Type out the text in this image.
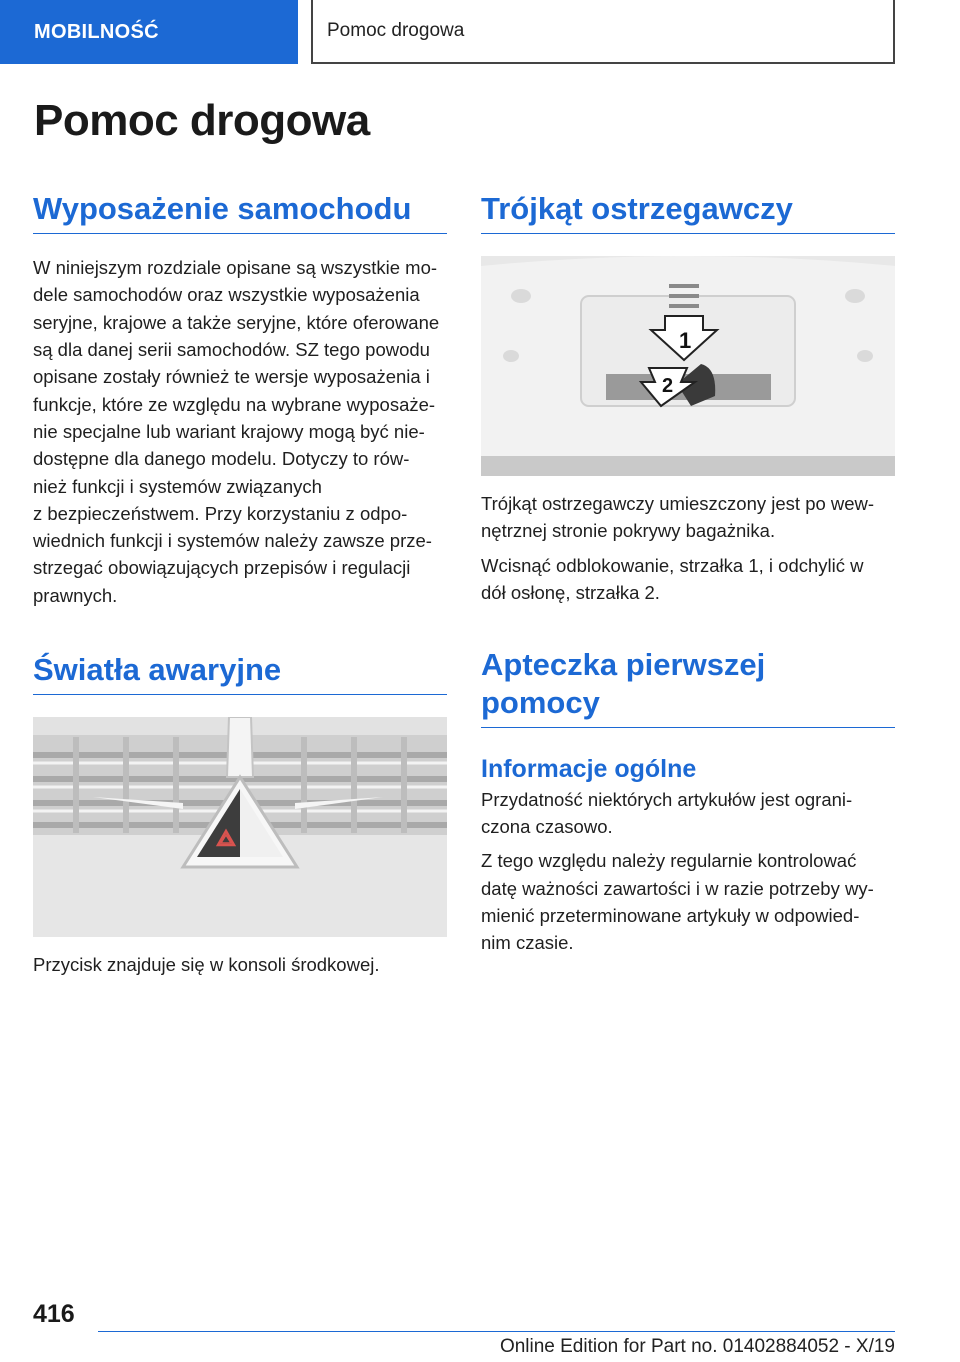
MOBILNOŚĆ	Pomoc drogowa
Pomoc drogowa
Wyposażenie samochodu

W niniejszym rozdziale opisane są wszystkie mo‐

dele samochodów oraz wszystkie wyposażenia

seryjne, krajowe a także seryjne, które oferowane

są dla danej serii samochodów. SZ tego powodu

opisane zostały również te wersje wyposażenia i

funkcje, które ze względu na wybrane wyposaże‐

nie specjalne lub wariant krajowy mogą być nie‐

dostępne dla danego modelu. Dotyczy to rów‐

nież funkcji i systemów związanych

z bezpieczeństwem. Przy korzystaniu z odpo‐

wiednich funkcji i systemów należy zawsze prze‐

strzegać obowiązujących przepisów i regulacji

prawnych.

Światła awaryjne

Przycisk znajduje się w konsoli środkowej.

Trójkąt ostrzegawczy
1
2

Trójkąt ostrzegawczy umieszczony jest po wew‐

nętrznej stronie pokrywy bagażnika.

Wcisnąć odblokowanie, strzałka 1, i odchylić w

dół osłonę, strzałka 2.

Apteczka pierwszej
pomocy
Informacje ogólne

Przydatność niektórych artykułów jest ograni‐

czona czasowo.

Z tego względu należy regularnie kontrolować

datę ważności zawartości i w razie potrzeby wy‐

mienić przeterminowane artykuły w odpowied‐

nim czasie.

416
Online Edition for Part no. 01402884052 - X/19
